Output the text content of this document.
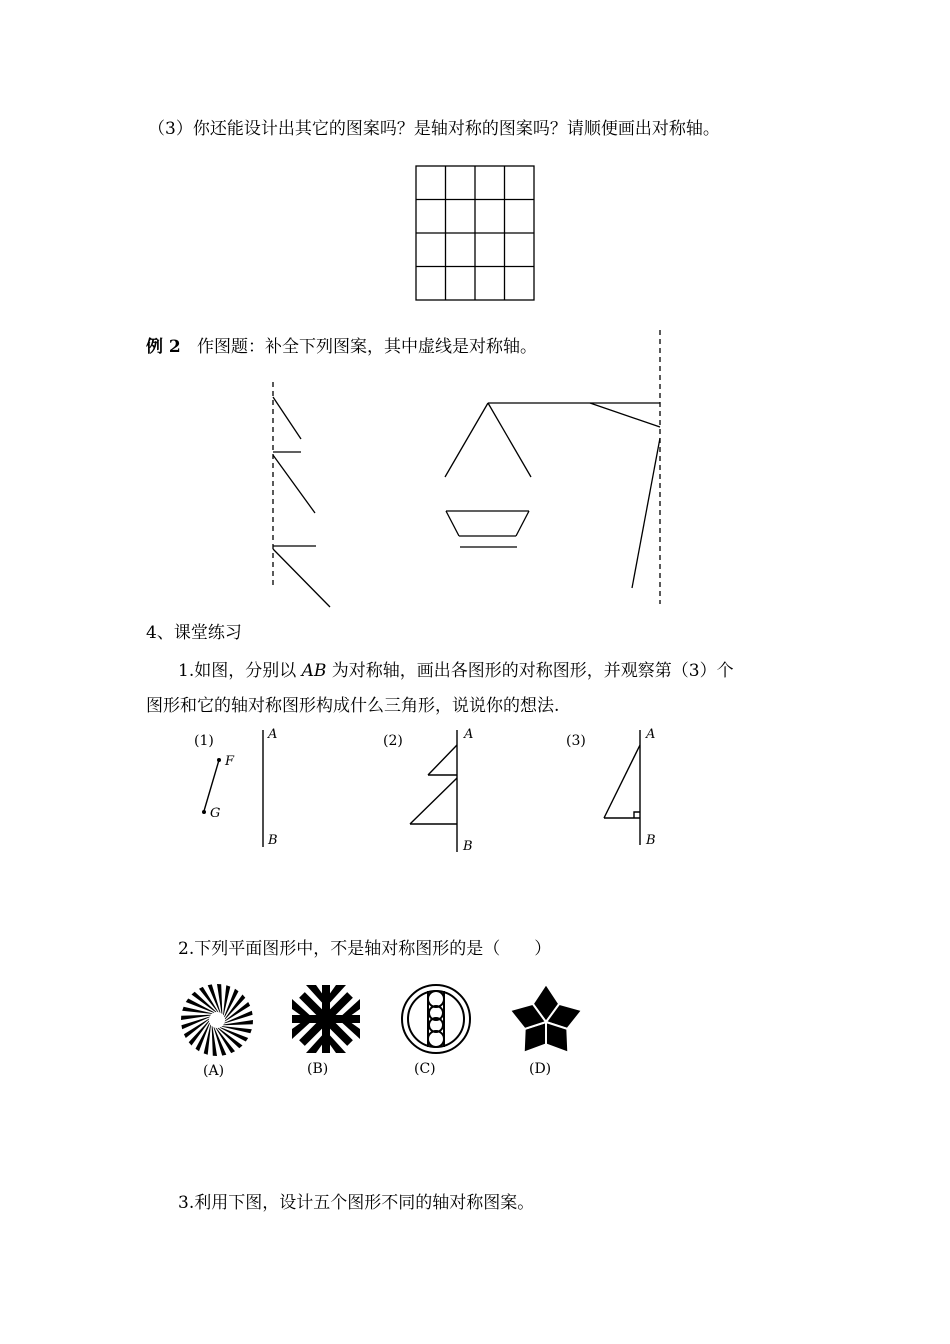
（3）你还能设计出其它的图案吗？是轴对称的图案吗？请顺便画出对称轴。
例 2 作图题：补全下列图案，其中虚线是对称轴。
4、课堂练习
1.如图，分别以 AB 为对称轴，画出各图形的对称图形，并观察第（3）个
图形和它的轴对称图形构成什么三角形，说说你的想法.
(1)	A
F
G
B
(2)	A
B
(3)	A
B
2.下列平面图形中，不是轴对称图形的是（　　）
(A)	(B)	(C)	(D)
3.利用下图，设计五个图形不同的轴对称图案。
